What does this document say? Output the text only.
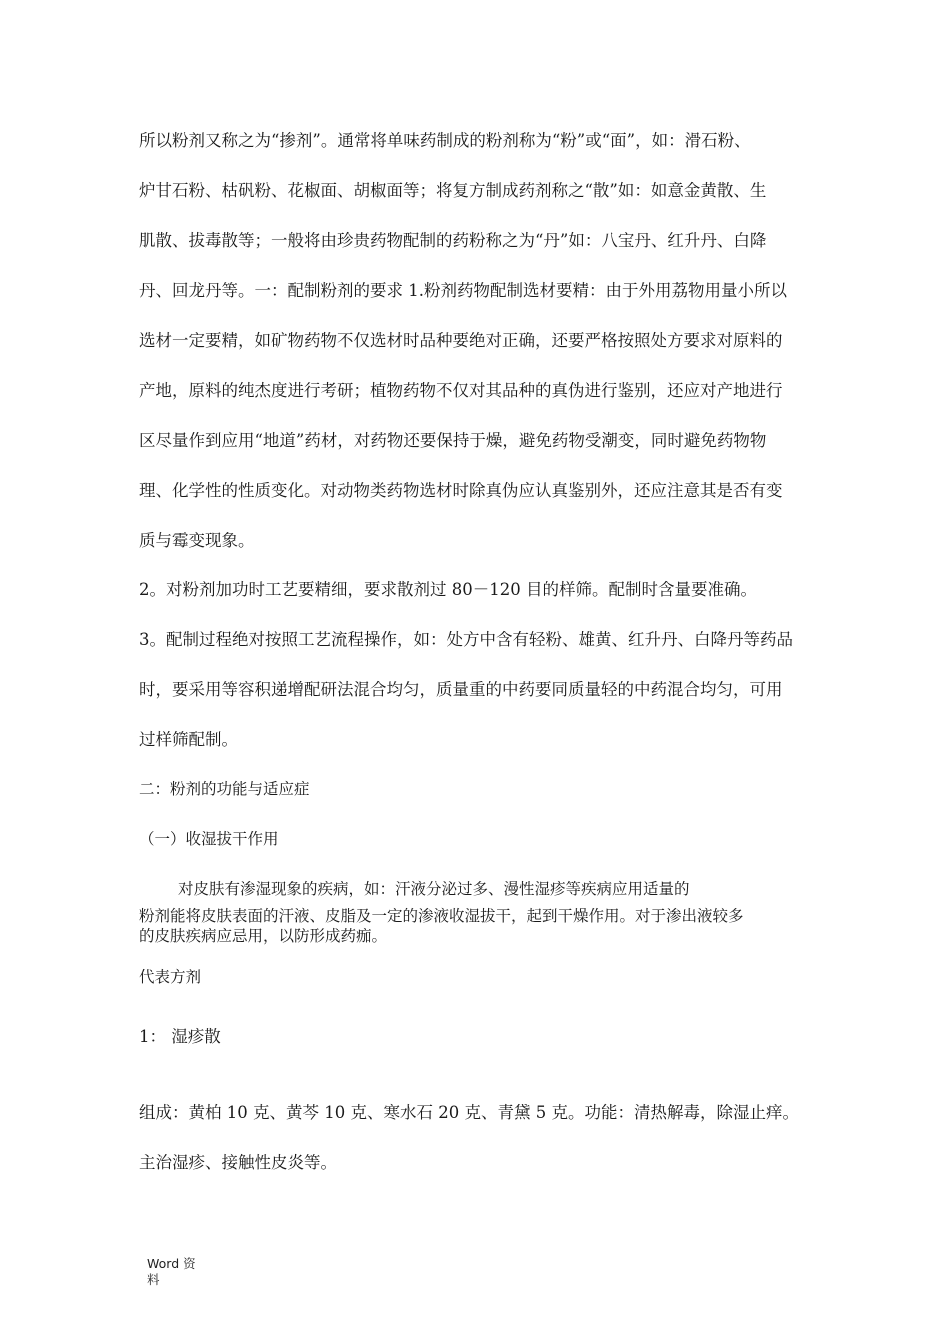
所以粉剂又称之为“掺剂”。通常将单味药制成的粉剂称为“粉”或“面”，如：滑石粉、
炉甘石粉、枯矾粉、花椒面、胡椒面等；将复方制成药剂称之“散”如：如意金黄散、生
肌散、拔毒散等；一般将由珍贵药物配制的药粉称之为“丹”如：八宝丹、红升丹、白降
丹、回龙丹等。一：配制粉剂的要求 1.粉剂药物配制选材要精：由于外用荔物用量小所以
选材一定要精，如矿物药物不仅选材时品种要绝对正确，还要严格按照处方要求对原料的
产地，原料的纯杰度进行考研；植物药物不仅对其品种的真伪进行鉴别，还应对产地进行
区尽量作到应用“地道”药材，对药物还要保持于燥，避免药物受潮变，同时避免药物物
理、化学性的性质变化。对动物类药物选材时除真伪应认真鉴别外，还应注意其是否有变
质与霉变现象。
2。对粉剂加功时工艺要精细，要求散剂过 80－120 目的样筛。配制时含量要准确。
3。配制过程绝对按照工艺流程操作，如：处方中含有轻粉、雄黄、红升丹、白降丹等药品
时，要采用等容积递增配研法混合均匀，质量重的中药要同质量轻的中药混合均匀，可用
过样筛配制。
二：粉剂的功能与适应症
（一）收湿拔干作用
对皮肤有渗湿现象的疾病，如：汗液分泌过多、漫性湿疹等疾病应用适量的
粉剂能将皮肤表面的汗液、皮脂及一定的渗液收湿拔干，起到干燥作用。对于渗出液较多
的皮肤疾病应忌用，以防形成药痂。
代表方剂
1： 湿疹散
组成：黄柏 10 克、黄芩 10 克、寒水石 20 克、青黛 5 克。功能：清热解毒，除湿止痒。
主治湿疹、接触性皮炎等。
Word 资
料
